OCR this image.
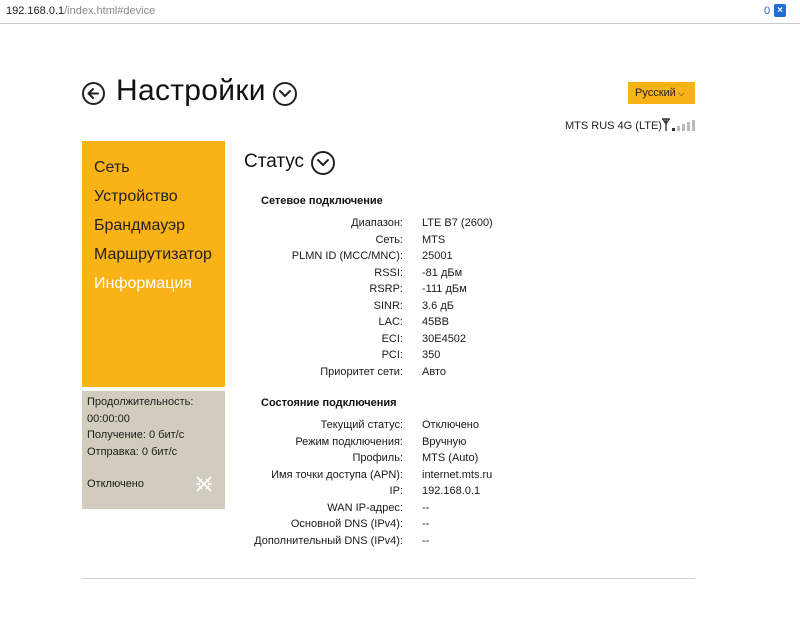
192.168.0.1/index.html#device	0 ×
Настройки	Русский ⌵
MTS RUS 4G (LTE)
Сеть
Устройство
Брандмауэр
Маршрутизатор
Информация
Продолжительность:
00:00:00
Получение: 0 бит/с
Отправка: 0 бит/с
Отключено
Статус
Сетевое подключение
Диапазон: LTE B7 (2600)
Сеть: MTS
PLMN ID (MCC/MNC): 25001
RSSI: -81 дБм
RSRP: -111 дБм
SINR: 3.6 дБ
LAC: 45BB
ECI: 30E4502
PCI: 350
Приоритет сети: Авто
Состояние подключения
Текущий статус: Отключено
Режим подключения: Вручную
Профиль: MTS (Auto)
Имя точки доступа (APN): internet.mts.ru
IP: 192.168.0.1
WAN IP-адрес: --
Основной DNS (IPv4): --
Дополнительный DNS (IPv4): --
